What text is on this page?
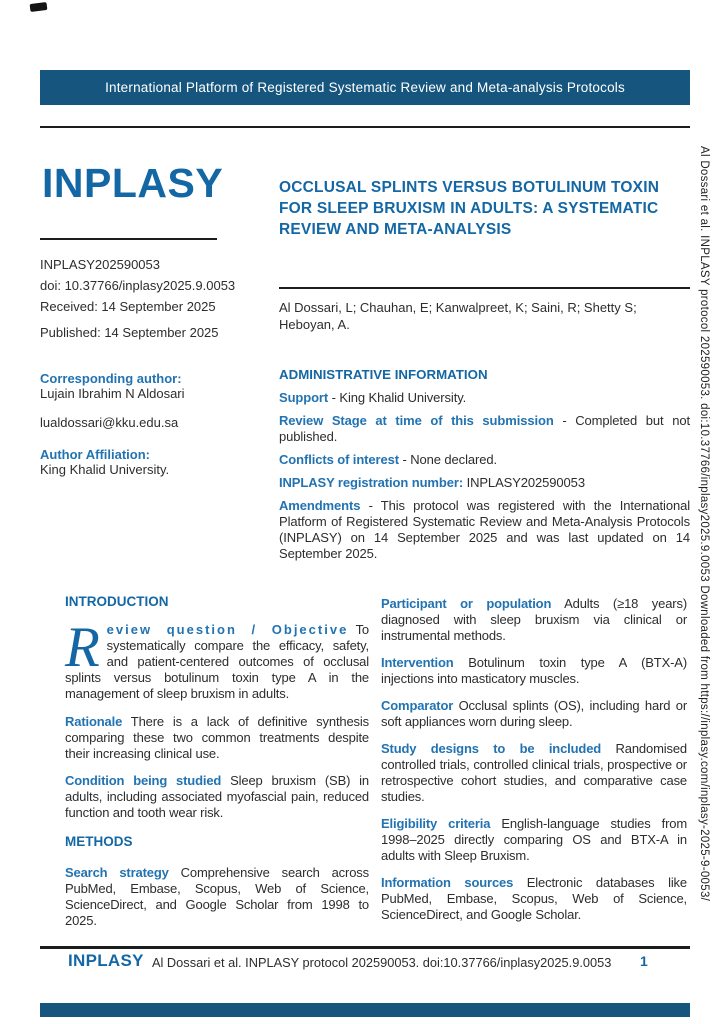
International Platform of Registered Systematic Review and Meta-analysis Protocols
INPLASY
INPLASY202590053
doi: 10.37766/inplasy2025.9.0053
Received: 14 September 2025
Published: 14 September 2025
Corresponding author:
Lujain Ibrahim N Aldosari
lualdossari@kku.edu.sa
Author Affiliation:
King Khalid University.
OCCLUSAL SPLINTS VERSUS BOTULINUM TOXIN
FOR SLEEP BRUXISM IN ADULTS: A SYSTEMATIC
REVIEW AND META-ANALYSIS
Al Dossari, L; Chauhan, E; Kanwalpreet, K; Saini, R; Shetty S; Heboyan, A.
ADMINISTRATIVE INFORMATION

Support - King Khalid University.

Review Stage at time of this submission - Completed but not published.

Conflicts of interest - None declared.

INPLASY registration number: INPLASY202590053

Amendments - This protocol was registered with the International Platform of Registered Systematic Review and Meta-Analysis Protocols (INPLASY) on 14 September 2025 and was last updated on 14 September 2025.

INTRODUCTION

Review question / Objective To systematically compare the efficacy, safety, and patient-centered outcomes of occlusal splints versus botulinum toxin type A in the management of sleep bruxism in adults.

Rationale There is a lack of definitive synthesis comparing these two common treatments despite their increasing clinical use.

Condition being studied Sleep bruxism (SB) in adults, including associated myofascial pain, reduced function and tooth wear risk.

METHODS

Search strategy Comprehensive search across PubMed, Embase, Scopus, Web of Science, ScienceDirect, and Google Scholar from 1998 to 2025.

Participant or population Adults (≥18 years) diagnosed with sleep bruxism via clinical or instrumental methods.

Intervention Botulinum toxin type A (BTX-A) injections into masticatory muscles.

Comparator Occlusal splints (OS), including hard or soft appliances worn during sleep.

Study designs to be included Randomised controlled trials, controlled clinical trials, prospective or retrospective cohort studies, and comparative case studies.

Eligibility criteria English-language studies from 1998–2025 directly comparing OS and BTX-A in adults with Sleep Bruxism.

Information sources Electronic databases like PubMed, Embase, Scopus, Web of Science, ScienceDirect, and Google Scholar.

INPLASY Al Dossari et al. INPLASY protocol 202590053. doi:10.37766/inplasy2025.9.0053 1
Al Dossari et al. INPLASY protocol 202590053. doi:10.37766/inplasy2025.9.0053 Downloaded from https://inplasy.com/inplasy-2025-9-0053/
